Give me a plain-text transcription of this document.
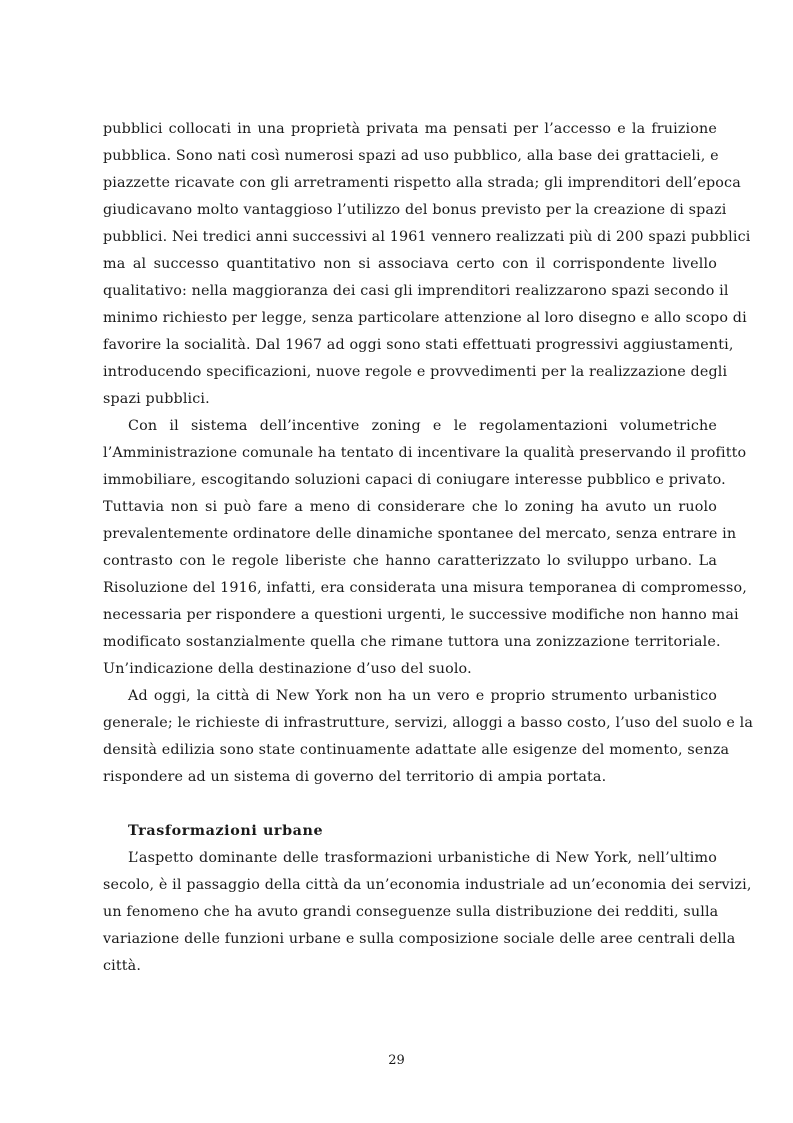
pubblici collocati in una proprietà privata ma pensati per l’accesso e la fruizione
pubblica. Sono nati così numerosi spazi ad uso pubblico, alla base dei grattacieli, e
piazzette ricavate con gli arretramenti rispetto alla strada; gli imprenditori dell’epoca
giudicavano molto vantaggioso l’utilizzo del bonus previsto per la creazione di spazi
pubblici. Nei tredici anni successivi al 1961 vennero realizzati più di 200 spazi pubblici
ma al successo quantitativo non si associava certo con il corrispondente livello
qualitativo: nella maggioranza dei casi gli imprenditori realizzarono spazi secondo il
minimo richiesto per legge, senza particolare attenzione al loro disegno e allo scopo di
favorire la socialità. Dal 1967 ad oggi sono stati effettuati progressivi aggiustamenti,
introducendo specificazioni, nuove regole e provvedimenti per la realizzazione degli
spazi pubblici.
Con il sistema dell’incentive zoning e le regolamentazioni volumetriche
l’Amministrazione comunale ha tentato di incentivare la qualità preservando il profitto
immobiliare, escogitando soluzioni capaci di coniugare interesse pubblico e privato.
Tuttavia non si può fare a meno di considerare che lo zoning ha avuto un ruolo
prevalentemente ordinatore delle dinamiche spontanee del mercato, senza entrare in
contrasto con le regole liberiste che hanno caratterizzato lo sviluppo urbano. La
Risoluzione del 1916, infatti, era considerata una misura temporanea di compromesso,
necessaria per rispondere a questioni urgenti, le successive modifiche non hanno mai
modificato sostanzialmente quella che rimane tuttora una zonizzazione territoriale.
Un’indicazione della destinazione d’uso del suolo.
Ad oggi, la città di New York non ha un vero e proprio strumento urbanistico
generale; le richieste di infrastrutture, servizi, alloggi a basso costo, l’uso del suolo e la
densità edilizia sono state continuamente adattate alle esigenze del momento, senza
rispondere ad un sistema di governo del territorio di ampia portata.
Trasformazioni urbane
L’aspetto dominante delle trasformazioni urbanistiche di New York, nell’ultimo
secolo, è il passaggio della città da un’economia industriale ad un’economia dei servizi,
un fenomeno che ha avuto grandi conseguenze sulla distribuzione dei redditi, sulla
variazione delle funzioni urbane e sulla composizione sociale delle aree centrali della
città.
29
